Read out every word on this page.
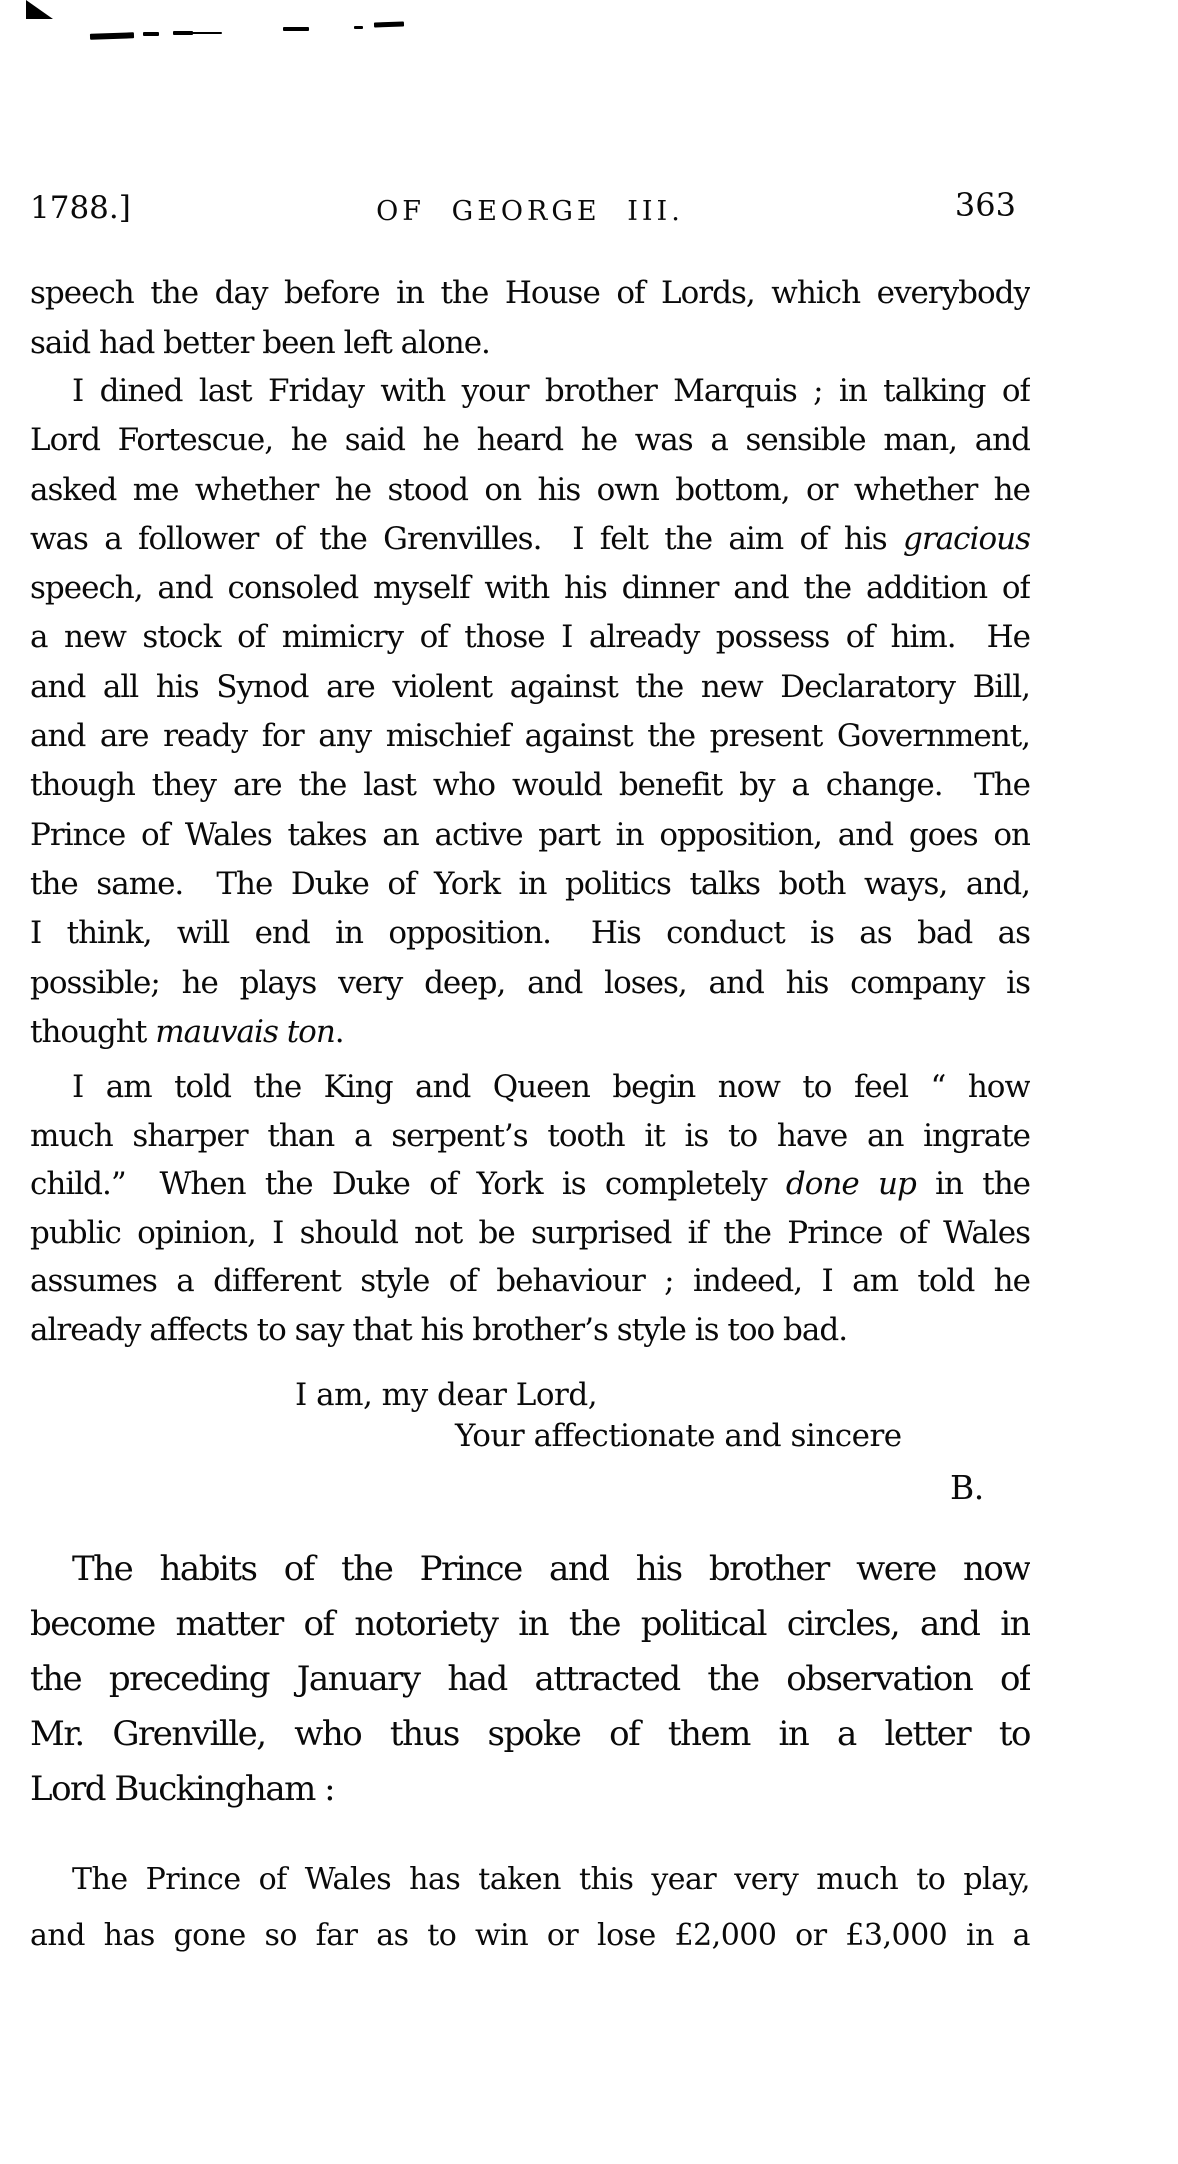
1788.]	OF GEORGE III.	363
speech the day before in the House of Lords, which everybody
said had better been left alone.
I dined last Friday with your brother Marquis ; in talking of
Lord Fortescue, he said he heard he was a sensible man, and
asked me whether he stood on his own bottom, or whether he
was a follower of the Grenvilles.  I felt the aim of his gracious
speech, and consoled myself with his dinner and the addition of
a new stock of mimicry of those I already possess of him.  He
and all his Synod are violent against the new Declaratory Bill,
and are ready for any mischief against the present Government,
though they are the last who would benefit by a change.  The
Prince of Wales takes an active part in opposition, and goes on
the same.  The Duke of York in politics talks both ways, and,
I think, will end in opposition.  His conduct is as bad as
possible; he plays very deep, and loses, and his company is
thought mauvais ton.
I am told the King and Queen begin now to feel “ how
much sharper than a serpent’s tooth it is to have an ingrate
child.”  When the Duke of York is completely done up in the
public opinion, I should not be surprised if the Prince of Wales
assumes a different style of behaviour ; indeed, I am told he
already affects to say that his brother’s style is too bad.
I am, my dear Lord,
Your affectionate and sincere
B.
The habits of the Prince and his brother were now
become matter of notoriety in the political circles, and in
the preceding January had attracted the observation of
Mr. Grenville, who thus spoke of them in a letter to
Lord Buckingham :
The Prince of Wales has taken this year very much to play,
and has gone so far as to win or lose £2,000 or £3,000 in a
